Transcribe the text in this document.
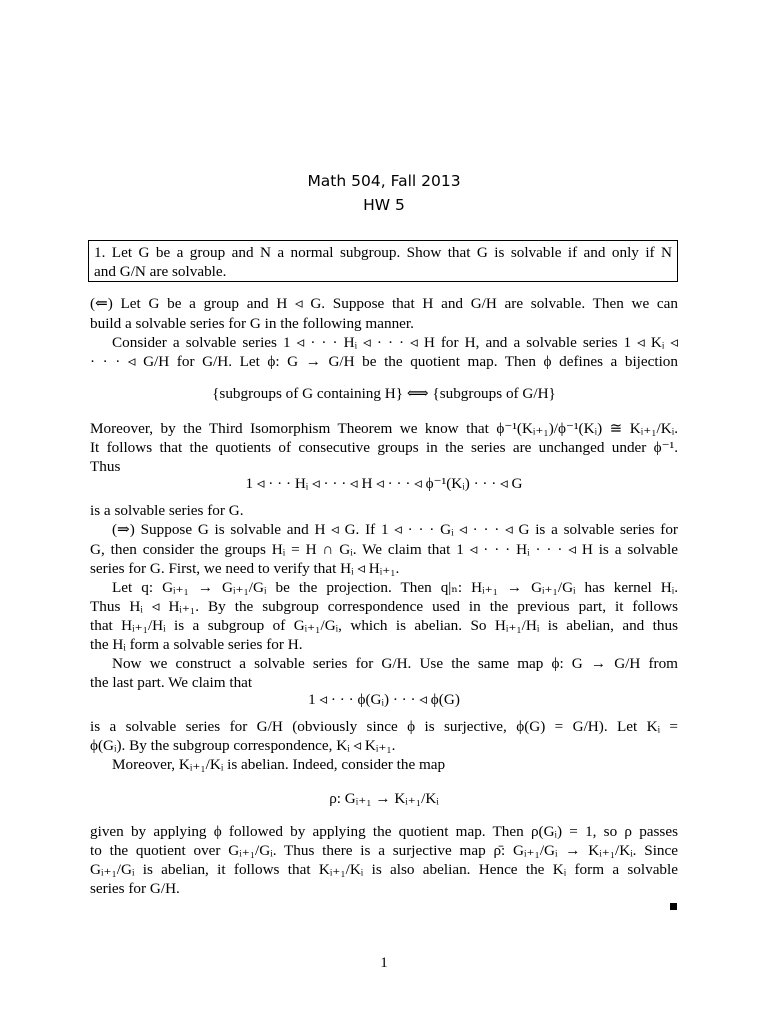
Math 504, Fall 2013
HW 5
1. Let G be a group and N a normal subgroup. Show that G is solvable if and only if N
and G/N are solvable.
(⇐) Let G be a group and H ◃ G. Suppose that H and G/H are solvable. Then we can
build a solvable series for G in the following manner.
Consider a solvable series 1 ◃ · · · Hᵢ ◃ · · · ◃ H for H, and a solvable series 1 ◃ Kᵢ ◃
· · · ◃ G/H for G/H. Let ϕ: G → G/H be the quotient map. Then ϕ defines a bijection
{subgroups of G containing H} ⟺ {subgroups of G/H}
Moreover, by the Third Isomorphism Theorem we know that ϕ⁻¹(Kᵢ₊₁)/ϕ⁻¹(Kᵢ) ≅ Kᵢ₊₁/Kᵢ.
It follows that the quotients of consecutive groups in the series are unchanged under ϕ⁻¹.
Thus
1 ◃ · · · Hᵢ ◃ · · · ◃ H ◃ · · · ◃ ϕ⁻¹(Kᵢ) · · · ◃ G
is a solvable series for G.
(⇒) Suppose G is solvable and H ◃ G. If 1 ◃ · · · Gᵢ ◃ · · · ◃ G is a solvable series for
G, then consider the groups Hᵢ = H ∩ Gᵢ. We claim that 1 ◃ · · · Hᵢ · · · ◃ H is a solvable
series for G. First, we need to verify that Hᵢ ◃ Hᵢ₊₁.
Let q: Gᵢ₊₁ → Gᵢ₊₁/Gᵢ be the projection. Then q|ₙ: Hᵢ₊₁ → Gᵢ₊₁/Gᵢ has kernel Hᵢ.
Thus Hᵢ ◃ Hᵢ₊₁. By the subgroup correspondence used in the previous part, it follows
that Hᵢ₊₁/Hᵢ is a subgroup of Gᵢ₊₁/Gᵢ, which is abelian. So Hᵢ₊₁/Hᵢ is abelian, and thus
the Hᵢ form a solvable series for H.
Now we construct a solvable series for G/H. Use the same map ϕ: G → G/H from
the last part. We claim that
1 ◃ · · · ϕ(Gᵢ) · · · ◃ ϕ(G)
is a solvable series for G/H (obviously since ϕ is surjective, ϕ(G) = G/H). Let Kᵢ =
ϕ(Gᵢ). By the subgroup correspondence, Kᵢ ◃ Kᵢ₊₁.
Moreover, Kᵢ₊₁/Kᵢ is abelian. Indeed, consider the map
ρ: Gᵢ₊₁ → Kᵢ₊₁/Kᵢ
given by applying ϕ followed by applying the quotient map. Then ρ(Gᵢ) = 1, so ρ passes
to the quotient over Gᵢ₊₁/Gᵢ. Thus there is a surjective map ρ̄: Gᵢ₊₁/Gᵢ → Kᵢ₊₁/Kᵢ. Since
Gᵢ₊₁/Gᵢ is abelian, it follows that Kᵢ₊₁/Kᵢ is also abelian. Hence the Kᵢ form a solvable
series for G/H.
1
